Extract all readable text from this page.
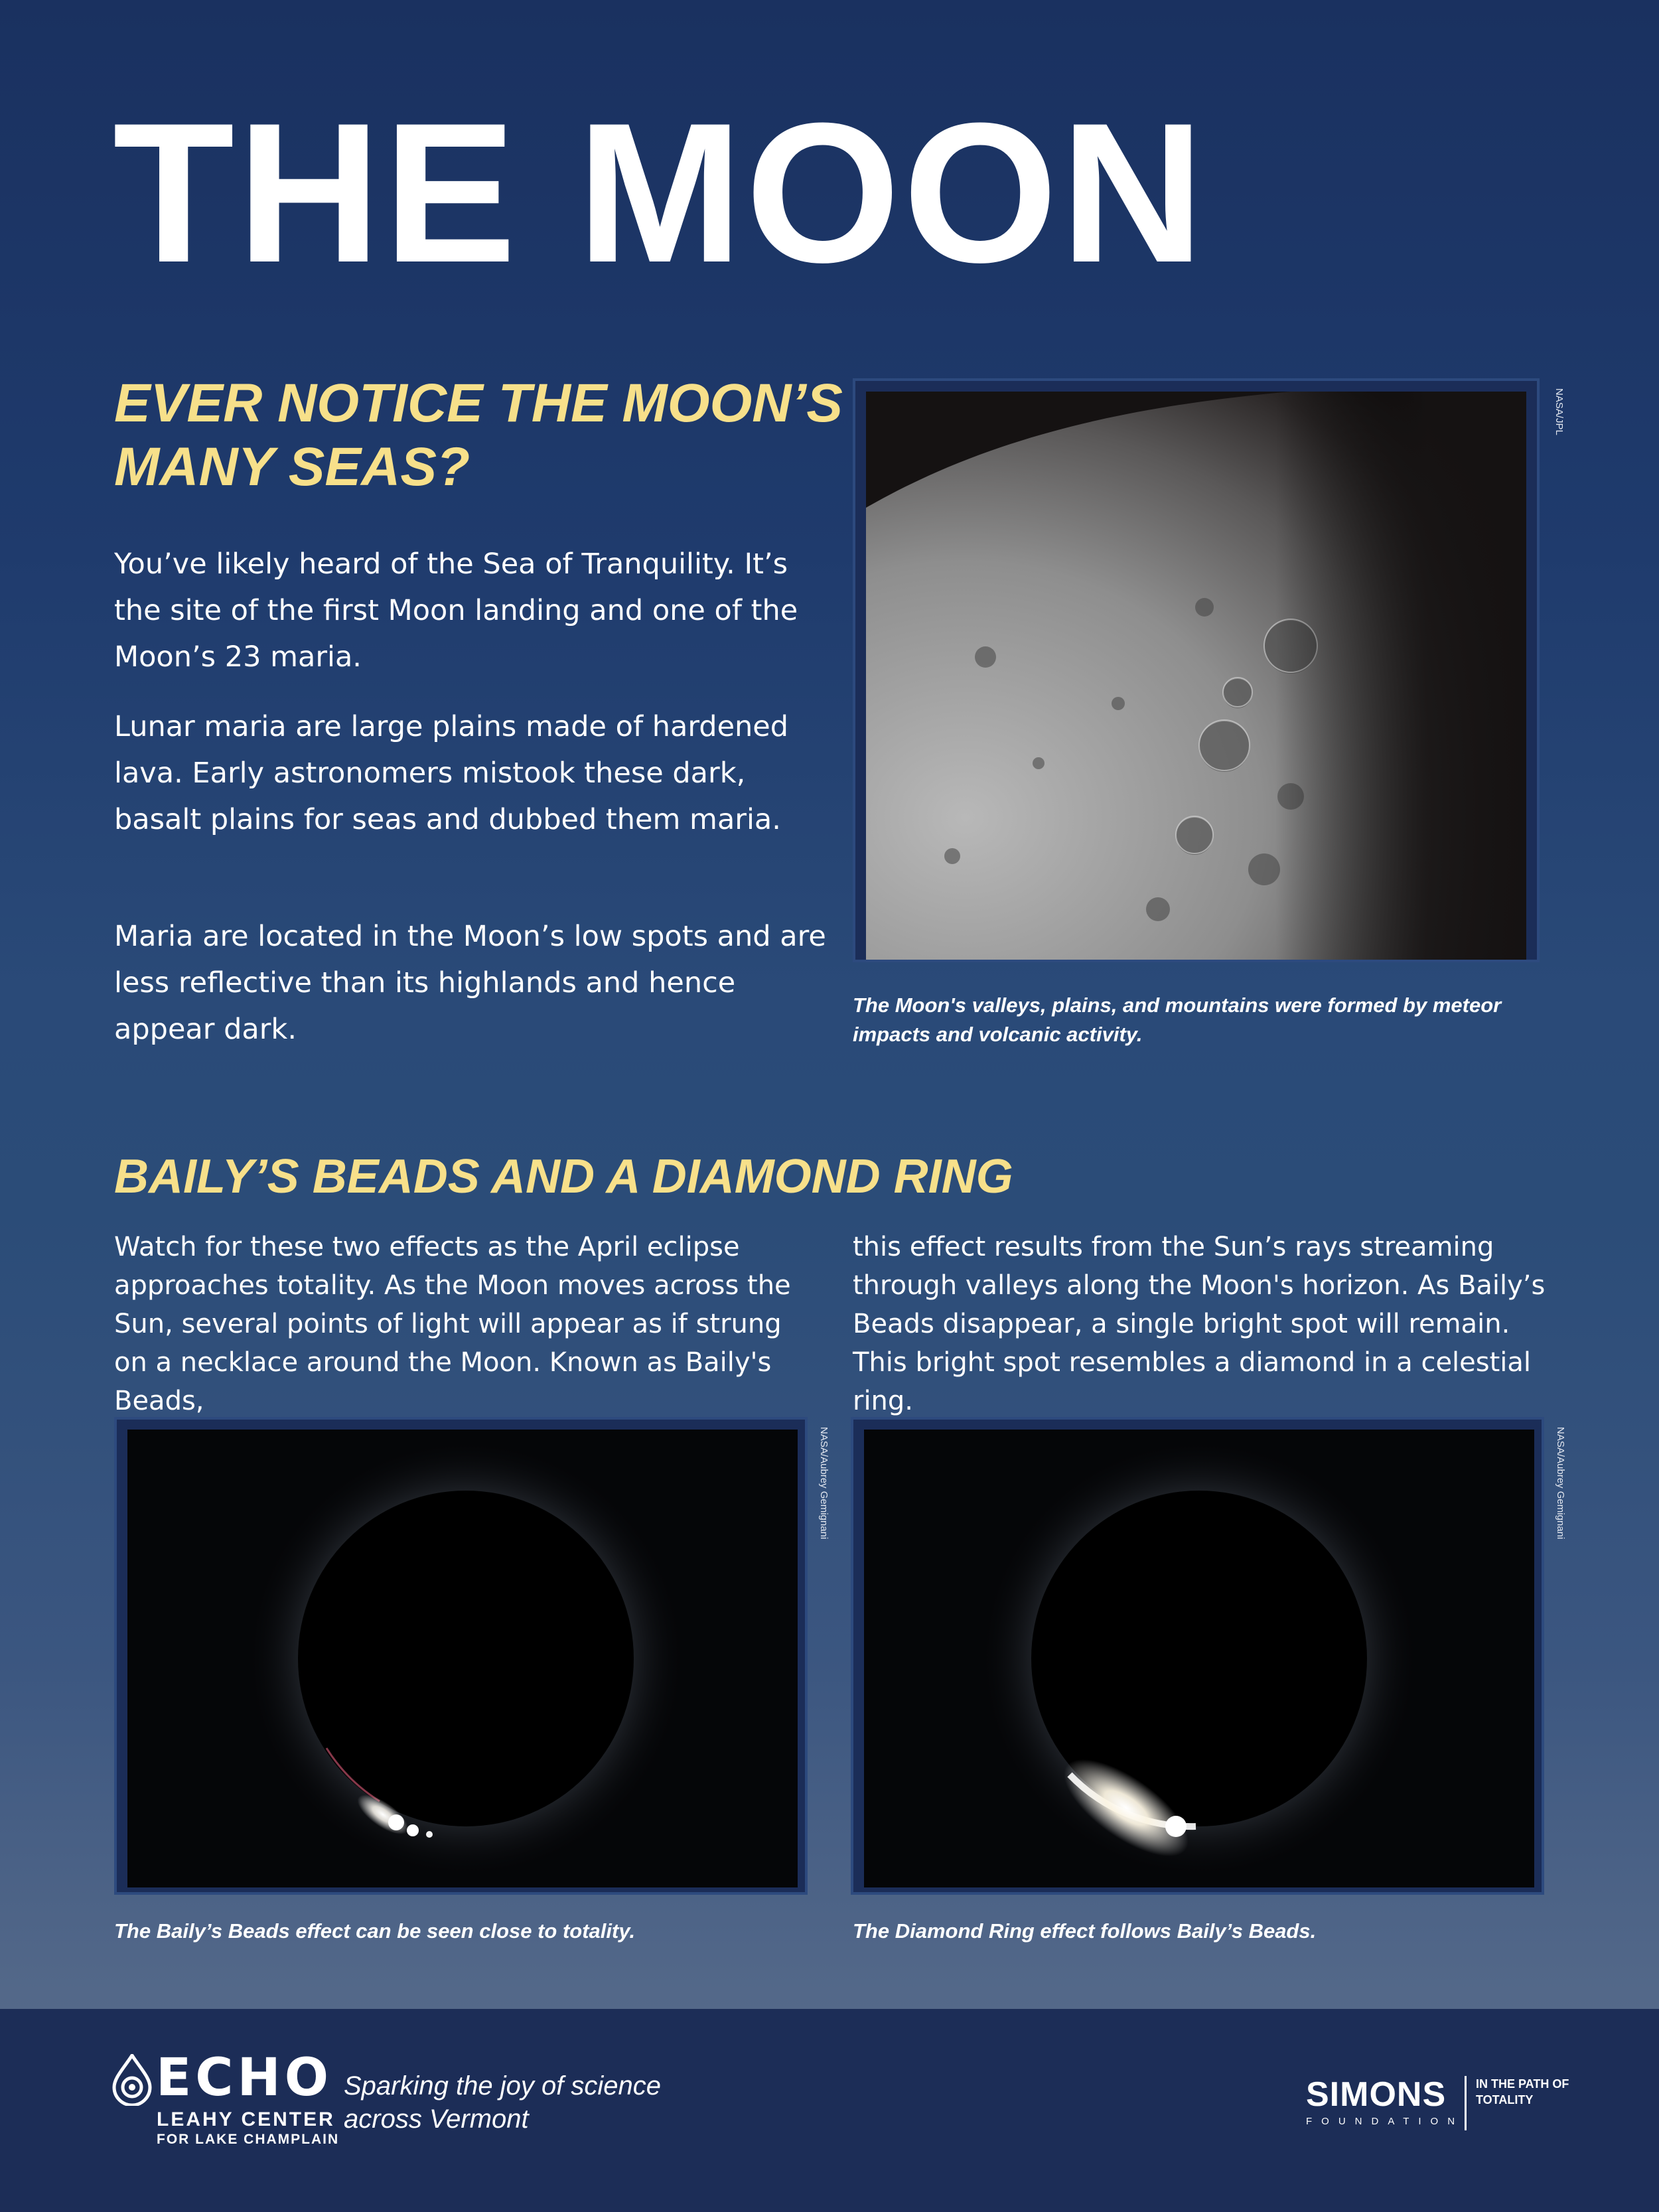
THE MOON
EVER NOTICE THE MOON’S MANY SEAS?

You’ve likely heard of the Sea of Tranquility. It’s the site of the first Moon landing and one of the Moon’s 23 maria.

Lunar maria are large plains made of hardened lava. Early astronomers mistook these dark, basalt plains for seas and dubbed them maria.

Maria are located in the Moon’s low spots and are less reflective than its highlands and hence appear dark.

NASA/JPL
The Moon's valleys, plains, and mountains were formed by meteor impacts and volcanic activity.
BAILY’S BEADS AND A DIAMOND RING

Watch for these two effects as the April eclipse approaches totality. As the Moon moves across the Sun, several points of light will appear as if strung on a necklace around the Moon. Known as Baily's Beads,

this effect results from the Sun’s rays streaming through valleys along the Moon's horizon. As Baily’s Beads disappear, a single bright spot will remain. This bright spot resembles a diamond in a celestial ring.

NASA/Aubrey Gemignani
The Baily’s Beads effect can be seen close to totality.
NASA/Aubrey Gemignani
The Diamond Ring effect follows Baily’s Beads.
ECHO
LEAHY CENTER
FOR LAKE CHAMPLAIN
Sparking the joy of science across Vermont
SIMONS
FOUNDATION
IN THE PATH OF TOTALITY
